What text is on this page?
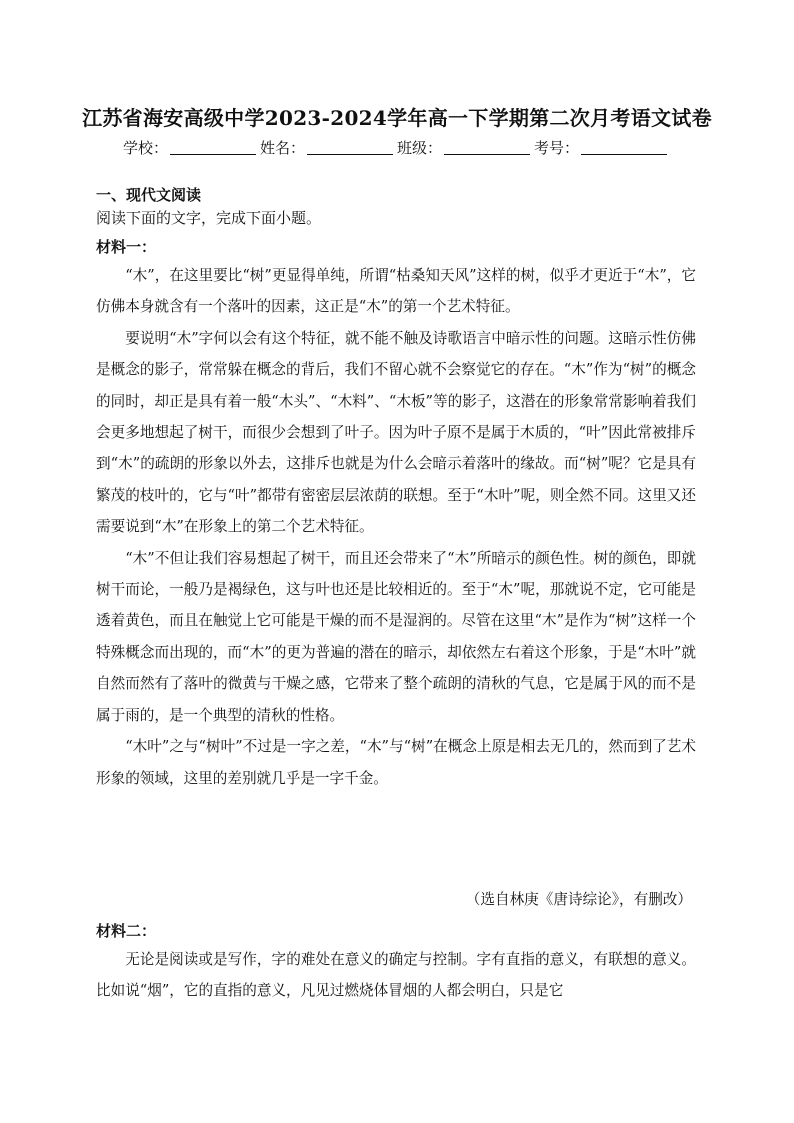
江苏省海安高级中学2023-2024学年高一下学期第二次月考语文试卷
学校：	姓名：	班级：	考号：
一、现代文阅读
阅读下面的文字，完成下面小题。
材料一：

“木”，在这里要比“树”更显得单纯，所谓“枯桑知天风”这样的树，似乎才更近于“木”，它仿佛本身就含有一个落叶的因素，这正是“木”的第一个艺术特征。

要说明“木”字何以会有这个特征，就不能不触及诗歌语言中暗示性的问题。这暗示性仿佛是概念的影子，常常躲在概念的背后，我们不留心就不会察觉它的存在。“木”作为“树”的概念的同时，却正是具有着一般“木头”、“木料”、“木板”等的影子，这潜在的形象常常影响着我们会更多地想起了树干，而很少会想到了叶子。因为叶子原不是属于木质的，“叶”因此常被排斥到“木”的疏朗的形象以外去，这排斥也就是为什么会暗示着落叶的缘故。而“树”呢？它是具有繁茂的枝叶的，它与“叶”都带有密密层层浓荫的联想。至于“木叶”呢，则全然不同。这里又还需要说到“木”在形象上的第二个艺术特征。

“木”不但让我们容易想起了树干，而且还会带来了“木”所暗示的颜色性。树的颜色，即就树干而论，一般乃是褐绿色，这与叶也还是比较相近的。至于“木”呢，那就说不定，它可能是透着黄色，而且在触觉上它可能是干燥的而不是湿润的。尽管在这里“木”是作为“树”这样一个特殊概念而出现的，而“木”的更为普遍的潜在的暗示，却依然左右着这个形象，于是“木叶”就自然而然有了落叶的微黄与干燥之感，它带来了整个疏朗的清秋的气息，它是属于风的而不是属于雨的，是一个典型的清秋的性格。

“木叶”之与“树叶”不过是一字之差，“木”与“树”在概念上原是相去无几的，然而到了艺术形象的领域，这里的差别就几乎是一字千金。

（选自林庚《唐诗综论》，有删改）
材料二：

无论是阅读或是写作，字的难处在意义的确定与控制。字有直指的意义，有联想的意义。比如说“烟”，它的直指的意义，凡见过燃烧体冒烟的人都会明白，只是它
